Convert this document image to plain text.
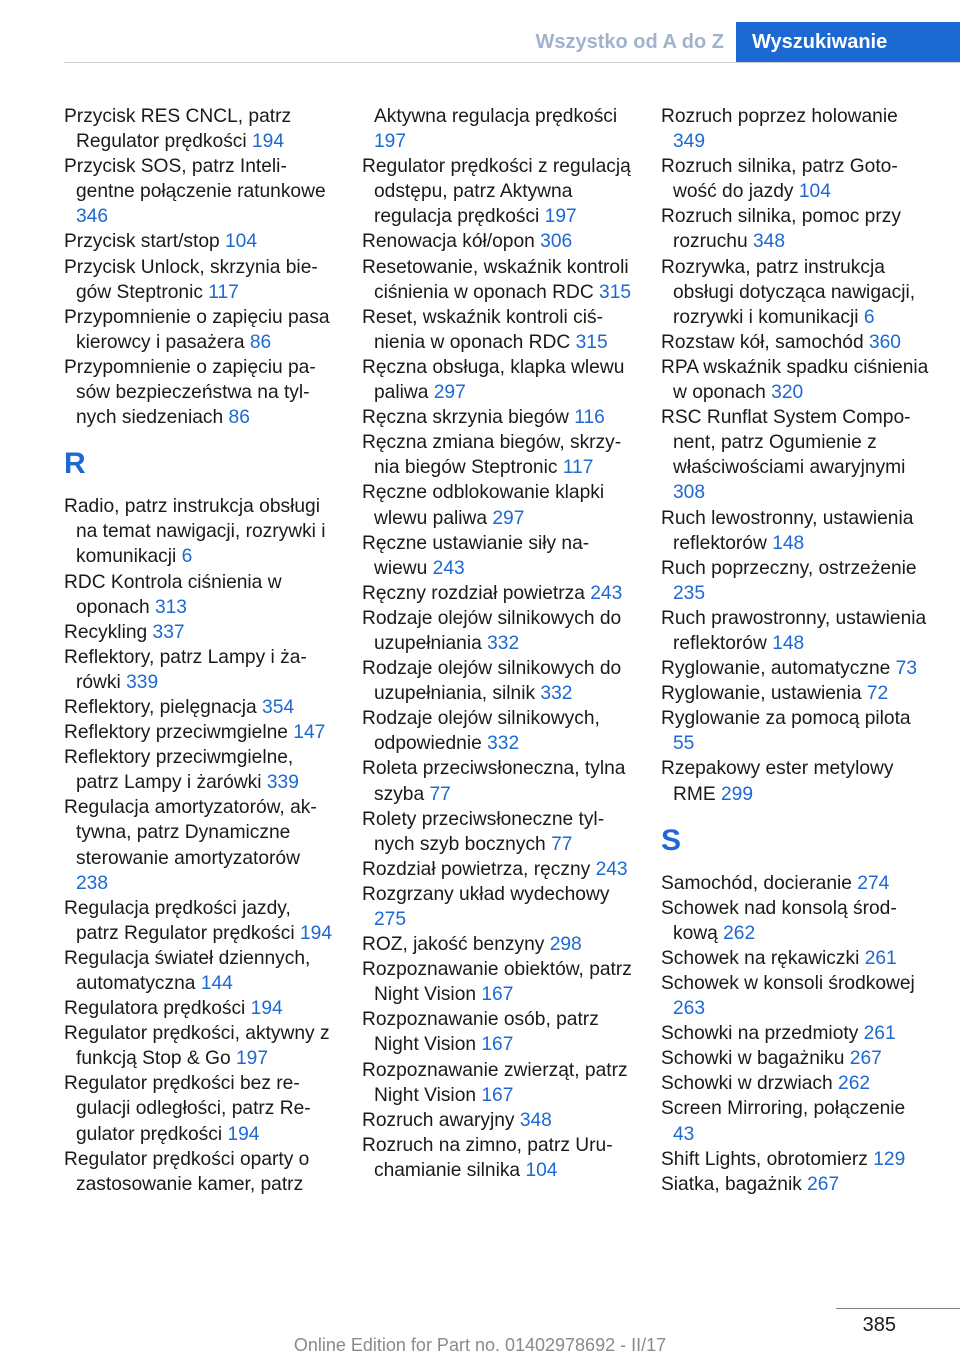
Wszystko od A do Z	Wyszukiwanie
Przycisk RES CNCL, patrz Regulator prędkości 194
Przycisk SOS, patrz Inteligentne połączenie ratunkowe 346
Przycisk start/stop 104
Przycisk Unlock, skrzynia biegów Steptronic 117
Przypomnienie o zapięciu pasa kierowcy i pasażera 86
Przypomnienie o zapięciu pasów bezpieczeństwa na tylnych siedzeniach 86
R
Radio, patrz instrukcja obsługi na temat nawigacji, rozrywki i komunikacji 6
RDC Kontrola ciśnienia w oponach 313
Recykling 337
Reflektory, patrz Lampy i żarówki 339
Reflektory, pielęgnacja 354
Reflektory przeciwmgielne 147
Reflektory przeciwmgielne, patrz Lampy i żarówki 339
Regulacja amortyzatorów, aktywna, patrz Dynamiczne sterowanie amortyzatorów 238
Regulacja prędkości jazdy, patrz Regulator prędkości 194
Regulacja świateł dziennych, automatyczna 144
Regulatora prędkości 194
Regulator prędkości, aktywny z funkcją Stop & Go 197
Regulator prędkości bez regulacji odległości, patrz Regulator prędkości 194
Regulator prędkości oparty o zastosowanie kamer, patrz
Aktywna regulacja prędkości 197
Regulator prędkości z regulacją odstępu, patrz Aktywna regulacja prędkości 197
Renowacja kół/opon 306
Resetowanie, wskaźnik kontroli ciśnienia w oponach RDC 315
Reset, wskaźnik kontroli ciśnienia w oponach RDC 315
Ręczna obsługa, klapka wlewu paliwa 297
Ręczna skrzynia biegów 116
Ręczna zmiana biegów, skrzynia biegów Steptronic 117
Ręczne odblokowanie klapki wlewu paliwa 297
Ręczne ustawianie siły nawiewu 243
Ręczny rozdział powietrza 243
Rodzaje olejów silnikowych do uzupełniania 332
Rodzaje olejów silnikowych do uzupełniania, silnik 332
Rodzaje olejów silnikowych, odpowiednie 332
Roleta przeciwsłoneczna, tylna szyba 77
Rolety przeciwsłoneczne tylnych szyb bocznych 77
Rozdział powietrza, ręczny 243
Rozgrzany układ wydechowy 275
ROZ, jakość benzyny 298
Rozpoznawanie obiektów, patrz Night Vision 167
Rozpoznawanie osób, patrz Night Vision 167
Rozpoznawanie zwierząt, patrz Night Vision 167
Rozruch awaryjny 348
Rozruch na zimno, patrz Uruchamianie silnika 104
Rozruch poprzez holowanie 349
Rozruch silnika, patrz Gotowość do jazdy 104
Rozruch silnika, pomoc przy rozruchu 348
Rozrywka, patrz instrukcja obsługi dotycząca nawigacji, rozrywki i komunikacji 6
Rozstaw kół, samochód 360
RPA wskaźnik spadku ciśnienia w oponach 320
RSC Runflat System Component, patrz Ogumienie z właściwościami awaryjnymi 308
Ruch lewostronny, ustawienia reflektorów 148
Ruch poprzeczny, ostrzeżenie 235
Ruch prawostronny, ustawienia reflektorów 148
Ryglowanie, automatyczne 73
Ryglowanie, ustawienia 72
Ryglowanie za pomocą pilota 55
Rzepakowy ester metylowy RME 299
S
Samochód, docieranie 274
Schowek nad konsolą środkową 262
Schowek na rękawiczki 261
Schowek w konsoli środkowej 263
Schowki na przedmioty 261
Schowki w bagażniku 267
Schowki w drzwiach 262
Screen Mirroring, połączenie 43
Shift Lights, obrotomierz 129
Siatka, bagażnik 267
385
Online Edition for Part no. 01402978692 - II/17
